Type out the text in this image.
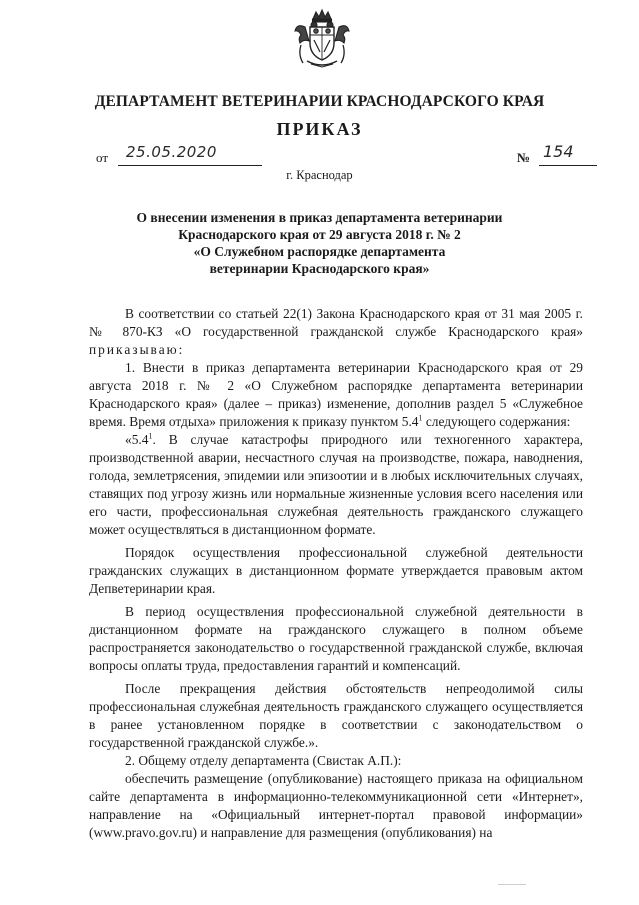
ДЕПАРТАМЕНТ ВЕТЕРИНАРИИ КРАСНОДАРСКОГО КРАЯ
ПРИКАЗ
от 25.05.2020	№ 154
г. Краснодар
О внесении изменения в приказ департамента ветеринарии
Краснодарского края от 29 августа 2018 г. № 2
«О Служебном распорядке департамента
ветеринарии Краснодарского края»

В соответствии со статьей 22(1) Закона Краснодарского края от 31 мая 2005 г. № 870-КЗ «О государственной гражданской службе Краснодарского края» приказываю:

1. Внести в приказ департамента ветеринарии Краснодарского края от 29 августа 2018 г. № 2 «О Служебном распорядке департамента ветеринарии Краснодарского края» (далее – приказ) изменение, дополнив раздел 5 «Служебное время. Время отдыха» приложения к приказу пунктом $5.4^1$ следующего содержания:

«$5.4^1$. В случае катастрофы природного или техногенного характера, производственной аварии, несчастного случая на производстве, пожара, наводнения, голода, землетрясения, эпидемии или эпизоотии и в любых исключительных случаях, ставящих под угрозу жизнь или нормальные жизненные условия всего населения или его части, профессиональная служебная деятельность гражданского служащего может осуществляться в дистанционном формате.

Порядок осуществления профессиональной служебной деятельности гражданских служащих в дистанционном формате утверждается правовым актом Депветеринарии края.

В период осуществления профессиональной служебной деятельности в дистанционном формате на гражданского служащего в полном объеме распространяется законодательство о государственной гражданской службе, включая вопросы оплаты труда, предоставления гарантий и компенсаций.

После прекращения действия обстоятельств непреодолимой силы профессиональная служебная деятельность гражданского служащего осуществляется в ранее установленном порядке в соответствии с законодательством о государственной гражданской службе.».

2. Общему отделу департамента (Свистак А.П.):

обеспечить размещение (опубликование) настоящего приказа на официальном сайте департамента в информационно-телекоммуникационной сети «Интернет», направление на «Официальный интернет-портал правовой информации» (www.pravo.gov.ru) и направление для размещения (опубликования) на
